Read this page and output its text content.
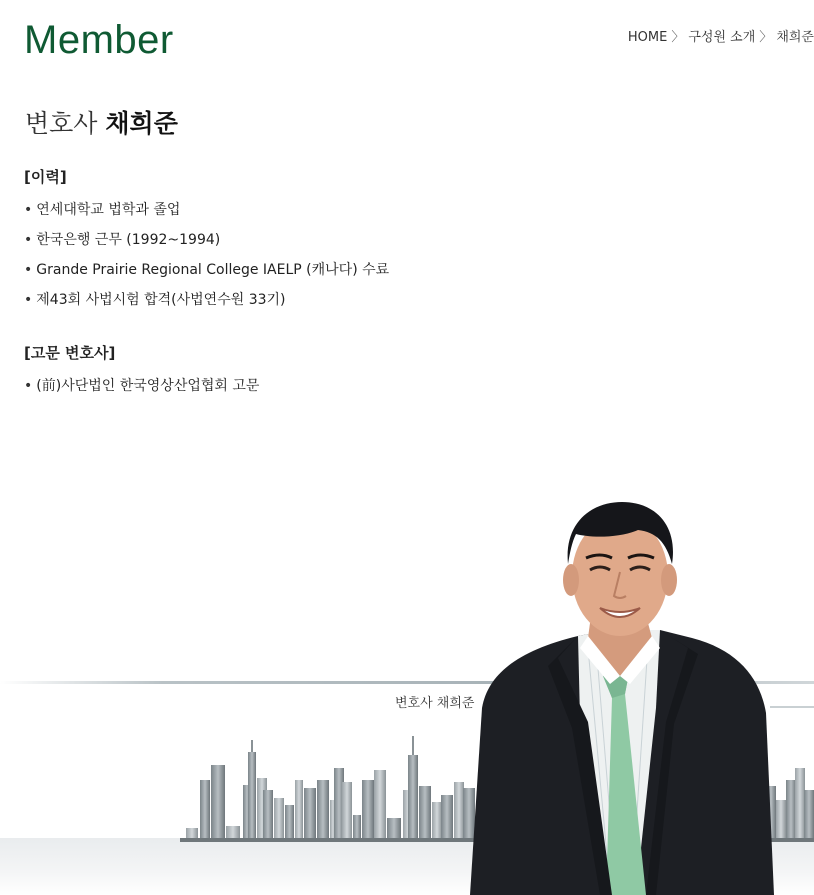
Member	HOME 〉 구성원 소개 〉 채희준
변호사 채희준
[이력]
• 연세대학교 법학과 졸업
• 한국은행 근무 (1992~1994)
• Grande Prairie Regional College IAELP (캐나다) 수료
• 제43회 사법시험 합격(사법연수원 33기)
[고문 변호사]
• (前)사단법인 한국영상산업협회 고문
변호사 채희준
